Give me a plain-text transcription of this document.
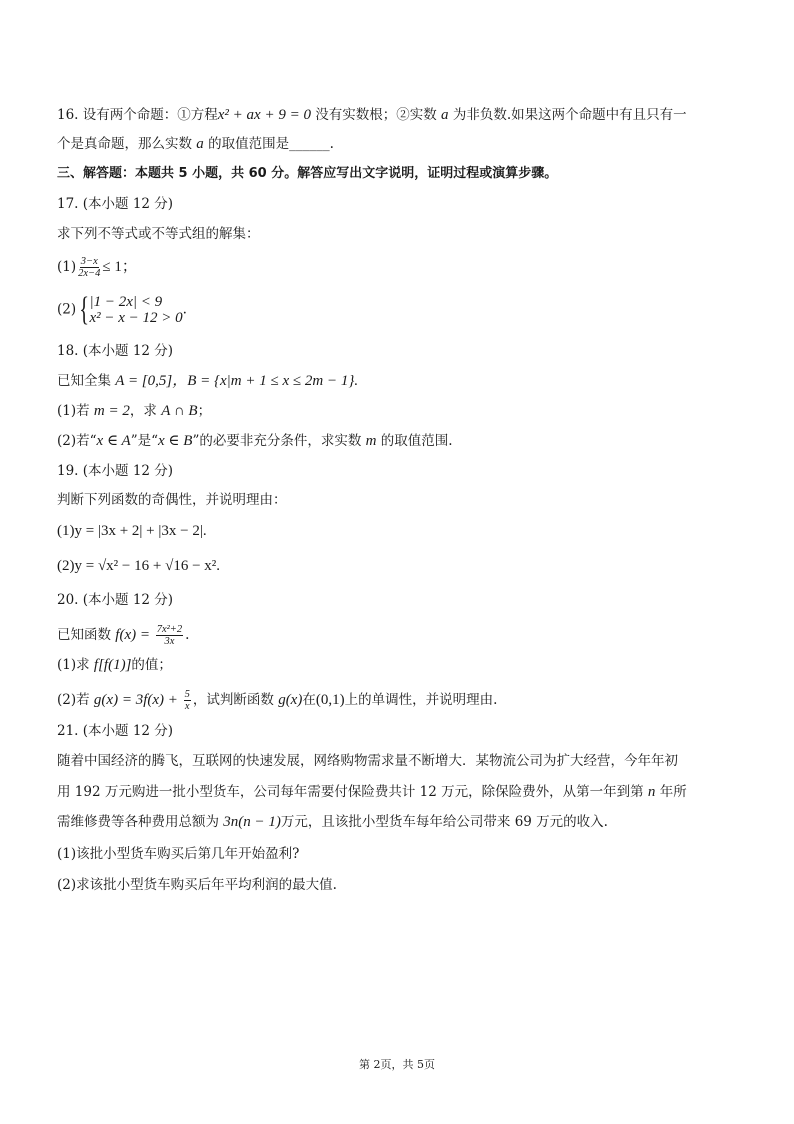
16. 设有两个命题：①方程x² + ax + 9 = 0 没有实数根；②实数 a 为非负数.如果这两个命题中有且只有一
个是真命题，那么实数 a 的取值范围是______.
三、解答题：本题共 5 小题，共 60 分。解答应写出文字说明，证明过程或演算步骤。
17. (本小题 12 分)
求下列不等式或不等式组的解集：
$(1) \frac{3-x}{2x-4} \le 1$；
(2) { |1 − 2x| < 9
x² − x − 12 > 0 .
18. (本小题 12 分)
已知全集 A = [0,5]，B = {x|m + 1 ≤ x ≤ 2m − 1}.
(1)若 m = 2，求 A ∩ B；
(2)若“x ∈ A”是“x ∈ B”的必要非充分条件，求实数 m 的取值范围.
19. (本小题 12 分)
判断下列函数的奇偶性，并说明理由：
(1)y = |3x + 2| + |3x − 2|.
(2)y = √x² − 16 + √16 − x².
20. (本小题 12 分)
已知函数 $f(x) = \frac{\text{7x²+2}}{3x}$ .
(1)求 f[f(1)]的值；
(2)若 $g(x) = 3f(x) + \frac{5}{x}$ ，试判断函数 g(x)在(0,1)上的单调性，并说明理由.
21. (本小题 12 分)
随着中国经济的腾飞，互联网的快速发展，网络购物需求量不断增大．某物流公司为扩大经营，今年年初
用 192 万元购进一批小型货车，公司每年需要付保险费共计 12 万元，除保险费外，从第一年到第 n 年所
需维修费等各种费用总额为 3n(n − 1)万元，且该批小型货车每年给公司带来 69 万元的收入.
(1)该批小型货车购买后第几年开始盈利?
(2)求该批小型货车购买后年平均利润的最大值.
第 2页，共 5页
